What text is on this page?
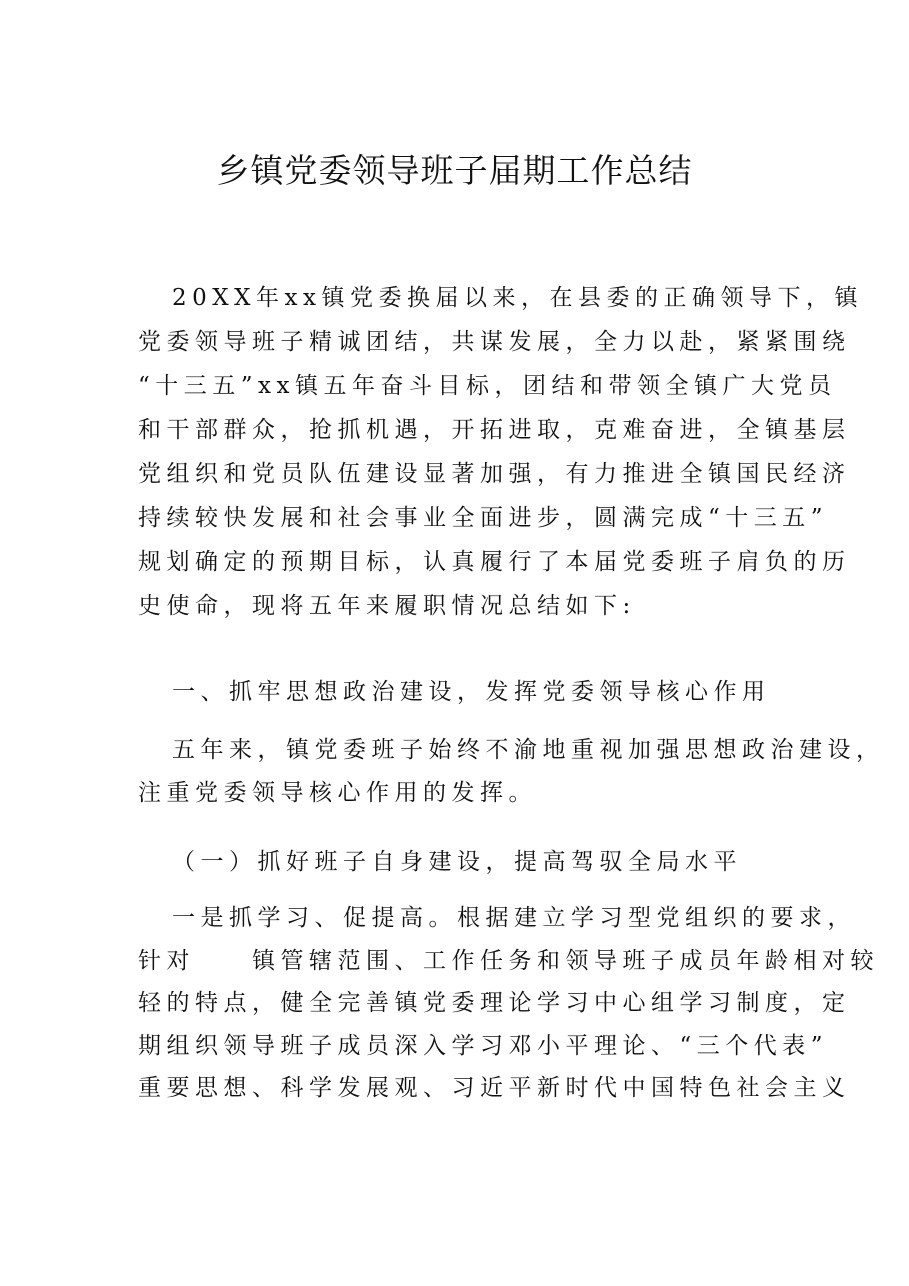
乡镇党委领导班子届期工作总结
20XX年xx镇党委换届以来，在县委的正确领导下，镇
党委领导班子精诚团结，共谋发展，全力以赴，紧紧围绕
“十三五”xx镇五年奋斗目标，团结和带领全镇广大党员
和干部群众，抢抓机遇，开拓进取，克难奋进，全镇基层
党组织和党员队伍建设显著加强，有力推进全镇国民经济
持续较快发展和社会事业全面进步，圆满完成“十三五”
规划确定的预期目标，认真履行了本届党委班子肩负的历
史使命，现将五年来履职情况总结如下:
一、抓牢思想政治建设，发挥党委领导核心作用
五年来，镇党委班子始终不渝地重视加强思想政治建设，
注重党委领导核心作用的发挥。
（一）抓好班子自身建设，提高驾驭全局水平
一是抓学习、促提高。根据建立学习型党组织的要求，
针对　　镇管辖范围、工作任务和领导班子成员年龄相对较
轻的特点，健全完善镇党委理论学习中心组学习制度，定
期组织领导班子成员深入学习邓小平理论、“三个代表”
重要思想、科学发展观、习近平新时代中国特色社会主义
